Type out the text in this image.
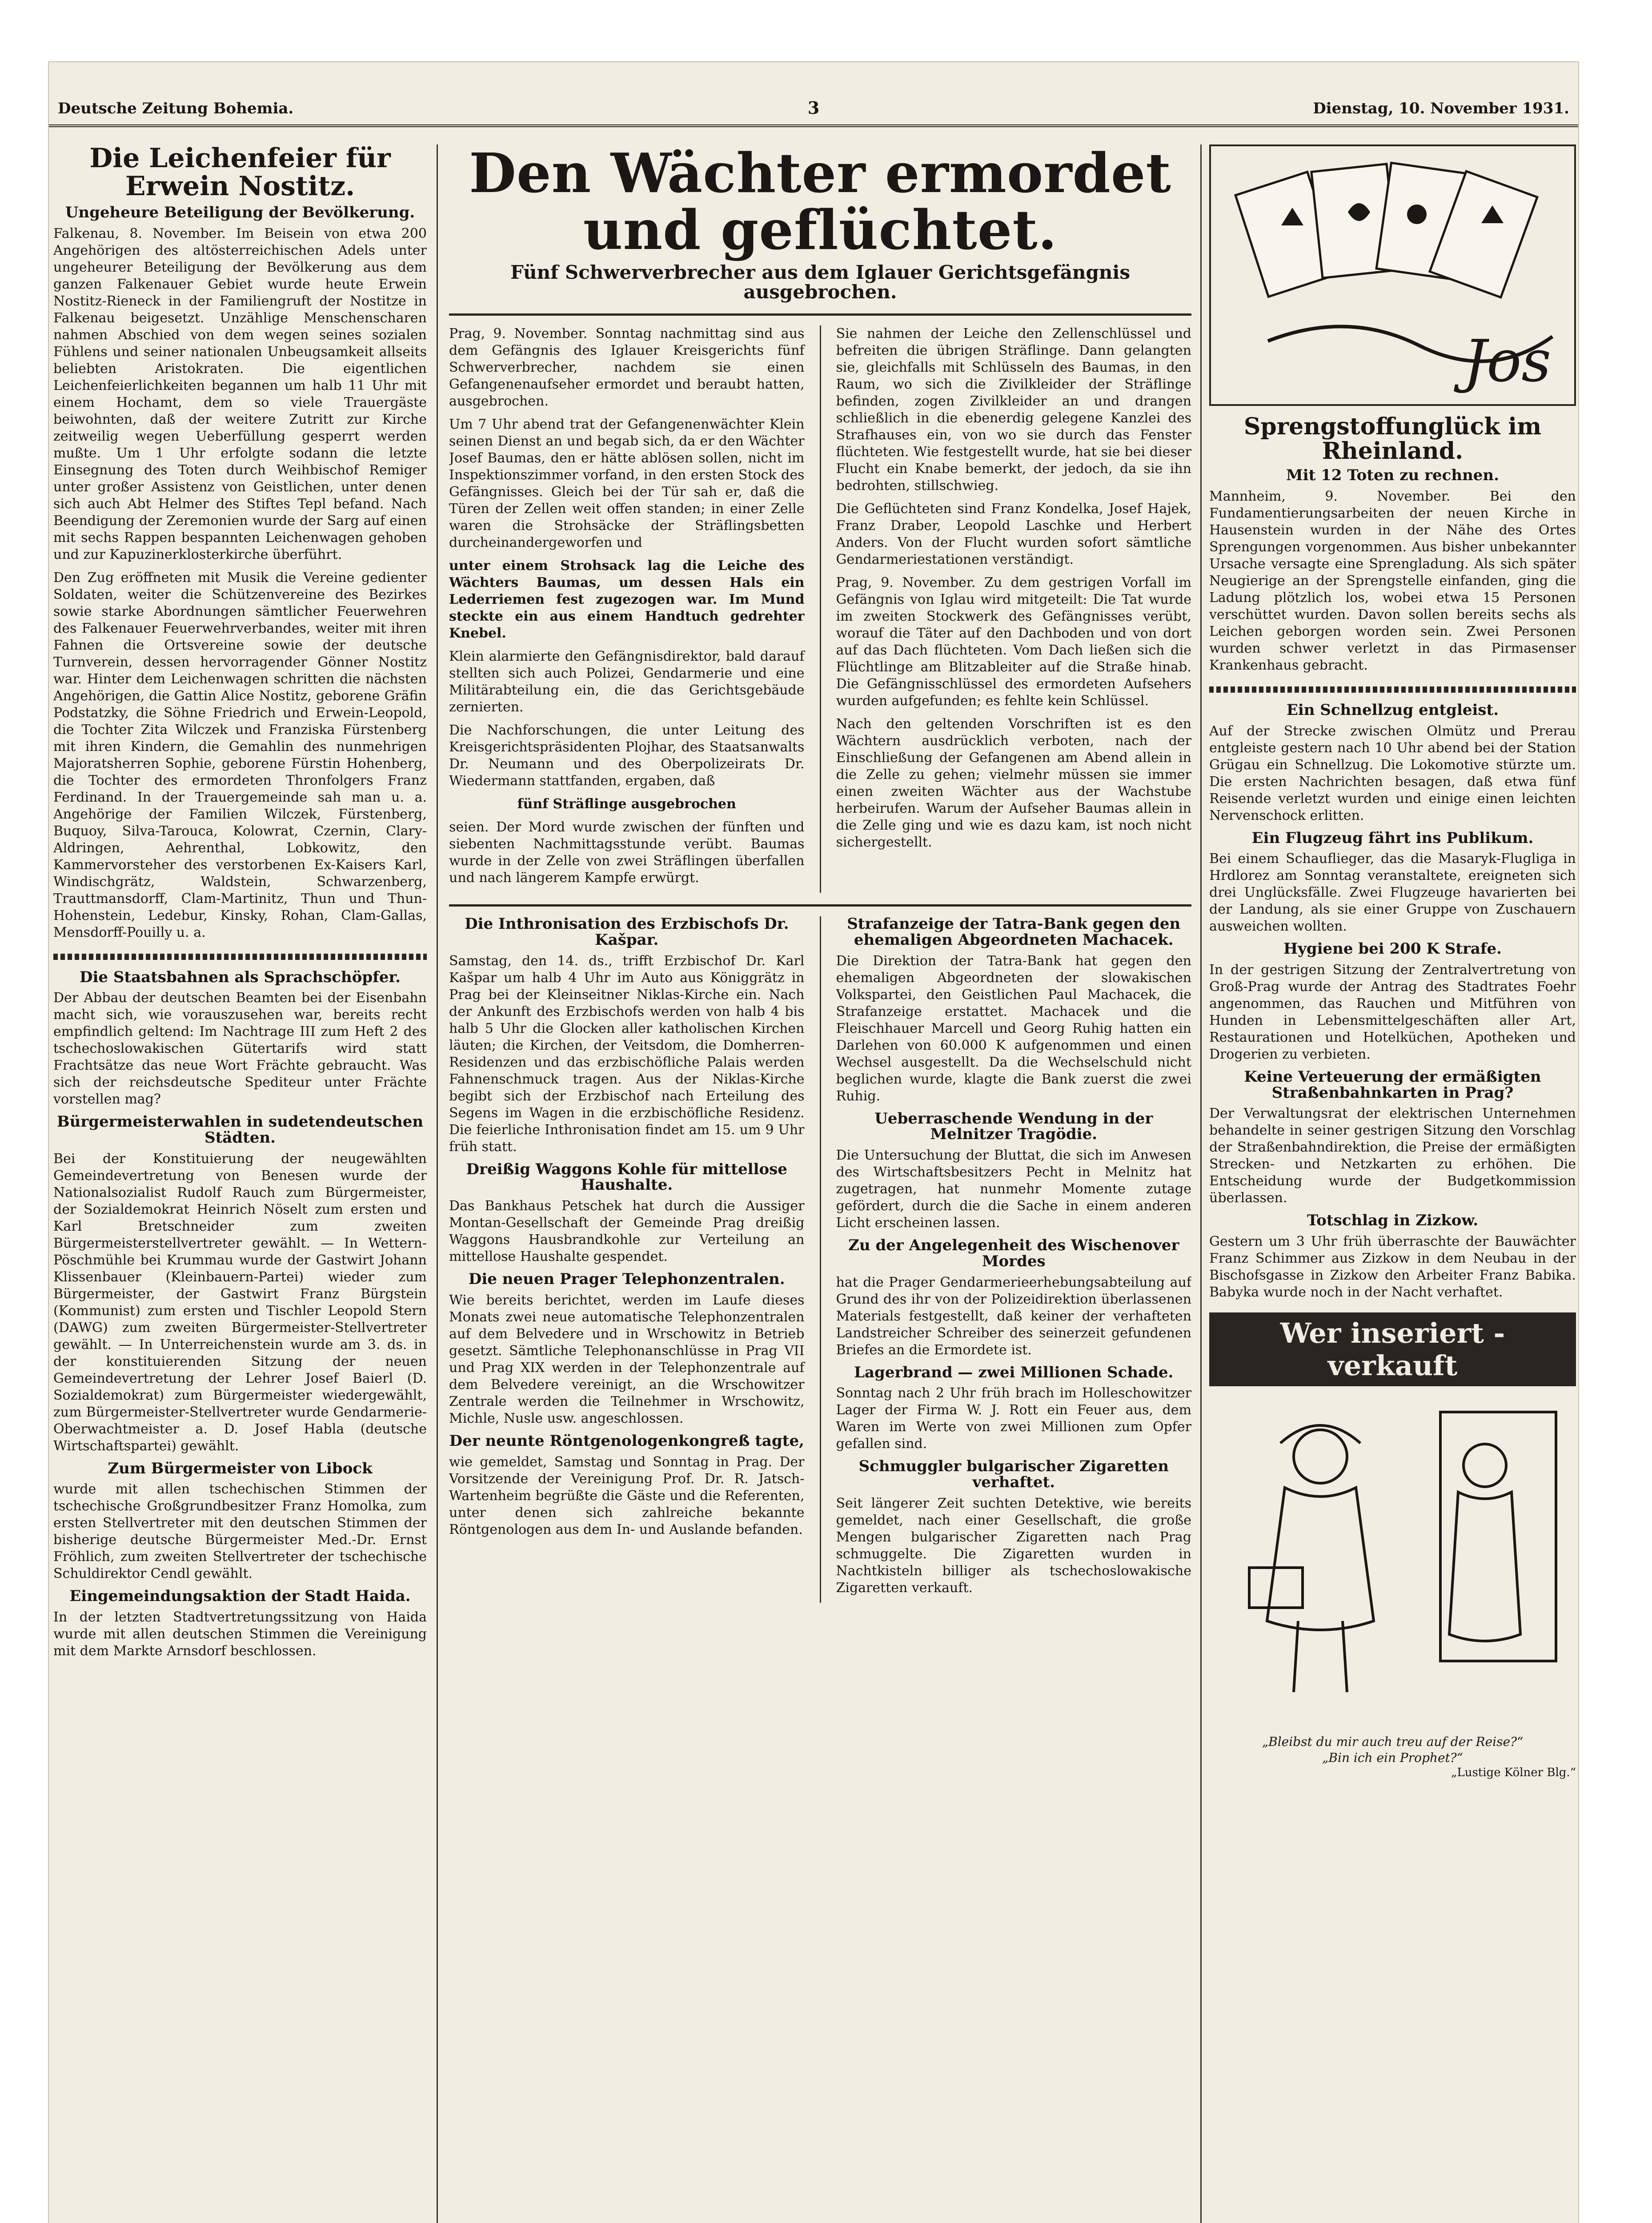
Deutsche Zeitung Bohemia.	3	Dienstag, 10. November 1931.
Die Leichenfeier für Erwein Nostitz.
Ungeheure Beteiligung der Bevölkerung.

Falkenau, 8. November. Im Beisein von etwa 200 Angehörigen des altösterreichischen Adels unter ungeheurer Beteiligung der Bevölkerung aus dem ganzen Falkenauer Gebiet wurde heute Erwein Nostitz-Rieneck in der Familiengruft der Nostitze in Falkenau beigesetzt. Unzählige Menschenscharen nahmen Abschied von dem wegen seines sozialen Fühlens und seiner nationalen Unbeugsamkeit allseits beliebten Aristokraten. Die eigentlichen Leichenfeierlichkeiten begannen um halb 11 Uhr mit einem Hochamt, dem so viele Trauergäste beiwohnten, daß der weitere Zutritt zur Kirche zeitweilig wegen Ueberfüllung gesperrt werden mußte. Um 1 Uhr erfolgte sodann die letzte Einsegnung des Toten durch Weihbischof Remiger unter großer Assistenz von Geistlichen, unter denen sich auch Abt Helmer des Stiftes Tepl befand. Nach Beendigung der Zeremonien wurde der Sarg auf einen mit sechs Rappen bespannten Leichenwagen gehoben und zur Kapuzinerklosterkirche überführt.

Den Zug eröffneten mit Musik die Vereine gedienter Soldaten, weiter die Schützenvereine des Bezirkes sowie starke Abordnungen sämtlicher Feuerwehren des Falkenauer Feuerwehrverbandes, weiter mit ihren Fahnen die Ortsvereine sowie der deutsche Turnverein, dessen hervorragender Gönner Nostitz war. Hinter dem Leichenwagen schritten die nächsten Angehörigen, die Gattin Alice Nostitz, geborene Gräfin Podstatzky, die Söhne Friedrich und Erwein-Leopold, die Tochter Zita Wilczek und Franziska Fürstenberg mit ihren Kindern, die Gemahlin des nunmehrigen Majoratsherren Sophie, geborene Fürstin Hohenberg, die Tochter des ermordeten Thronfolgers Franz Ferdinand. In der Trauergemeinde sah man u. a. Angehörige der Familien Wilczek, Fürstenberg, Buquoy, Silva-Tarouca, Kolowrat, Czernin, Clary-Aldringen, Aehrenthal, Lobkowitz, den Kammervorsteher des verstorbenen Ex-Kaisers Karl, Windischgrätz, Waldstein, Schwarzenberg, Trauttmansdorff, Clam-Martinitz, Thun und Thun-Hohenstein, Ledebur, Kinsky, Rohan, Clam-Gallas, Mensdorff-Pouilly u. a.

Die Staatsbahnen als Sprachschöpfer.

Der Abbau der deutschen Beamten bei der Eisenbahn macht sich, wie vorauszusehen war, bereits recht empfindlich geltend: Im Nachtrage III zum Heft 2 des tschechoslowakischen Gütertarifs wird statt Frachtsätze das neue Wort Frächte gebraucht. Was sich der reichsdeutsche Spediteur unter Frächte vorstellen mag?

Bürgermeisterwahlen in sudetendeutschen Städten.

Bei der Konstituierung der neugewählten Gemeindevertretung von Benesen wurde der Nationalsozialist Rudolf Rauch zum Bürgermeister, der Sozialdemokrat Heinrich Nöselt zum ersten und Karl Bretschneider zum zweiten Bürgermeisterstellvertreter gewählt. — In Wettern-Pöschmühle bei Krummau wurde der Gastwirt Johann Klissenbauer (Kleinbauern-Partei) wieder zum Bürgermeister, der Gastwirt Franz Bürgstein (Kommunist) zum ersten und Tischler Leopold Stern (DAWG) zum zweiten Bürgermeister-Stellvertreter gewählt. — In Unterreichenstein wurde am 3. ds. in der konstituierenden Sitzung der neuen Gemeindevertretung der Lehrer Josef Baierl (D. Sozialdemokrat) zum Bürgermeister wiedergewählt, zum Bürgermeister-Stellvertreter wurde Gendarmerie-Oberwachtmeister a. D. Josef Habla (deutsche Wirtschaftspartei) gewählt.

Zum Bürgermeister von Libock

wurde mit allen tschechischen Stimmen der tschechische Großgrundbesitzer Franz Homolka, zum ersten Stellvertreter mit den deutschen Stimmen der bisherige deutsche Bürgermeister Med.-Dr. Ernst Fröhlich, zum zweiten Stellvertreter der tschechische Schuldirektor Cendl gewählt.

Eingemeindungsaktion der Stadt Haida.

In der letzten Stadtvertretungssitzung von Haida wurde mit allen deutschen Stimmen die Vereinigung mit dem Markte Arnsdorf beschlossen.

Den Wächter ermordet und geflüchtet.
Fünf Schwerverbrecher aus dem Iglauer Gerichtsgefängnis ausgebrochen.

Prag, 9. November. Sonntag nachmittag sind aus dem Gefängnis des Iglauer Kreisgerichts fünf Schwerverbrecher, nachdem sie einen Gefangenenaufseher ermordet und beraubt hatten, ausgebrochen.

Um 7 Uhr abend trat der Gefangenenwächter Klein seinen Dienst an und begab sich, da er den Wächter Josef Baumas, den er hätte ablösen sollen, nicht im Inspektionszimmer vorfand, in den ersten Stock des Gefängnisses. Gleich bei der Tür sah er, daß die Türen der Zellen weit offen standen; in einer Zelle waren die Strohsäcke der Sträflingsbetten durcheinandergeworfen und

unter einem Strohsack lag die Leiche des Wächters Baumas, um dessen Hals ein Lederriemen fest zugezogen war. Im Mund steckte ein aus einem Handtuch gedrehter Knebel.

Klein alarmierte den Gefängnisdirektor, bald darauf stellten sich auch Polizei, Gendarmerie und eine Militärabteilung ein, die das Gerichtsgebäude zernierten.

Die Nachforschungen, die unter Leitung des Kreisgerichtspräsidenten Plojhar, des Staatsanwalts Dr. Neumann und des Oberpolizeirats Dr. Wiedermann stattfanden, ergaben, daß

fünf Sträflinge ausgebrochen

seien. Der Mord wurde zwischen der fünften und siebenten Nachmittagsstunde verübt. Baumas wurde in der Zelle von zwei Sträflingen überfallen und nach längerem Kampfe erwürgt.

Sie nahmen der Leiche den Zellenschlüssel und befreiten die übrigen Sträflinge. Dann gelangten sie, gleichfalls mit Schlüsseln des Baumas, in den Raum, wo sich die Zivilkleider der Sträflinge befinden, zogen Zivilkleider an und drangen schließlich in die ebenerdig gelegene Kanzlei des Strafhauses ein, von wo sie durch das Fenster flüchteten. Wie festgestellt wurde, hat sie bei dieser Flucht ein Knabe bemerkt, der jedoch, da sie ihn bedrohten, stillschwieg.

Die Geflüchteten sind Franz Kondelka, Josef Hajek, Franz Draber, Leopold Laschke und Herbert Anders. Von der Flucht wurden sofort sämtliche Gendarmeriestationen verständigt.

Prag, 9. November. Zu dem gestrigen Vorfall im Gefängnis von Iglau wird mitgeteilt: Die Tat wurde im zweiten Stockwerk des Gefängnisses verübt, worauf die Täter auf den Dachboden und von dort auf das Dach flüchteten. Vom Dach ließen sich die Flüchtlinge am Blitzableiter auf die Straße hinab. Die Gefängnisschlüssel des ermordeten Aufsehers wurden aufgefunden; es fehlte kein Schlüssel.

Nach den geltenden Vorschriften ist es den Wächtern ausdrücklich verboten, nach der Einschließung der Gefangenen am Abend allein in die Zelle zu gehen; vielmehr müssen sie immer einen zweiten Wächter aus der Wachstube herbeirufen. Warum der Aufseher Baumas allein in die Zelle ging und wie es dazu kam, ist noch nicht sichergestellt.

Die Inthronisation des Erzbischofs Dr. Kašpar.

Samstag, den 14. ds., trifft Erzbischof Dr. Karl Kašpar um halb 4 Uhr im Auto aus Königgrätz in Prag bei der Kleinseitner Niklas-Kirche ein. Nach der Ankunft des Erzbischofs werden von halb 4 bis halb 5 Uhr die Glocken aller katholischen Kirchen läuten; die Kirchen, der Veitsdom, die Domherren-Residenzen und das erzbischöfliche Palais werden Fahnenschmuck tragen. Aus der Niklas-Kirche begibt sich der Erzbischof nach Erteilung des Segens im Wagen in die erzbischöfliche Residenz. Die feierliche Inthronisation findet am 15. um 9 Uhr früh statt.

Dreißig Waggons Kohle für mittellose Haushalte.

Das Bankhaus Petschek hat durch die Aussiger Montan-Gesellschaft der Gemeinde Prag dreißig Waggons Hausbrandkohle zur Verteilung an mittellose Haushalte gespendet.

Die neuen Prager Telephonzentralen.

Wie bereits berichtet, werden im Laufe dieses Monats zwei neue automatische Telephonzentralen auf dem Belvedere und in Wrschowitz in Betrieb gesetzt. Sämtliche Telephonanschlüsse in Prag VII und Prag XIX werden in der Telephonzentrale auf dem Belvedere vereinigt, an die Wrschowitzer Zentrale werden die Teilnehmer in Wrschowitz, Michle, Nusle usw. angeschlossen.

Der neunte Röntgenologenkongreß tagte,

wie gemeldet, Samstag und Sonntag in Prag. Der Vorsitzende der Vereinigung Prof. Dr. R. Jatsch-Wartenheim begrüßte die Gäste und die Referenten, unter denen sich zahlreiche bekannte Röntgenologen aus dem In- und Auslande befanden.

Strafanzeige der Tatra-Bank gegen den ehemaligen Abgeordneten Machacek.

Die Direktion der Tatra-Bank hat gegen den ehemaligen Abgeordneten der slowakischen Volkspartei, den Geistlichen Paul Machacek, die Strafanzeige erstattet. Machacek und die Fleischhauer Marcell und Georg Ruhig hatten ein Darlehen von 60.000 K aufgenommen und einen Wechsel ausgestellt. Da die Wechselschuld nicht beglichen wurde, klagte die Bank zuerst die zwei Ruhig.

Ueberraschende Wendung in der Melnitzer Tragödie.

Die Untersuchung der Bluttat, die sich im Anwesen des Wirtschaftsbesitzers Pecht in Melnitz hat zugetragen, hat nunmehr Momente zutage gefördert, durch die die Sache in einem anderen Licht erscheinen lassen.

Zu der Angelegenheit des Wischenover Mordes

hat die Prager Gendarmerieerhebungsabteilung auf Grund des ihr von der Polizeidirektion überlassenen Materials festgestellt, daß keiner der verhafteten Landstreicher Schreiber des seinerzeit gefundenen Briefes an die Ermordete ist.

Lagerbrand — zwei Millionen Schade.

Sonntag nach 2 Uhr früh brach im Holleschowitzer Lager der Firma W. J. Rott ein Feuer aus, dem Waren im Werte von zwei Millionen zum Opfer gefallen sind.

Schmuggler bulgarischer Zigaretten verhaftet.

Seit längerer Zeit suchten Detektive, wie bereits gemeldet, nach einer Gesellschaft, die große Mengen bulgarischer Zigaretten nach Prag schmuggelte. Die Zigaretten wurden in Nachtkisteln billiger als tschechoslowakische Zigaretten verkauft.

Jos
Sprengstoffunglück im Rheinland.
Mit 12 Toten zu rechnen.

Mannheim, 9. November. Bei den Fundamentierungsarbeiten der neuen Kirche in Hausenstein wurden in der Nähe des Ortes Sprengungen vorgenommen. Aus bisher unbekannter Ursache versagte eine Sprengladung. Als sich später Neugierige an der Sprengstelle einfanden, ging die Ladung plötzlich los, wobei etwa 15 Personen verschüttet wurden. Davon sollen bereits sechs als Leichen geborgen worden sein. Zwei Personen wurden schwer verletzt in das Pirmasenser Krankenhaus gebracht.

Ein Schnellzug entgleist.

Auf der Strecke zwischen Olmütz und Prerau entgleiste gestern nach 10 Uhr abend bei der Station Grügau ein Schnellzug. Die Lokomotive stürzte um. Die ersten Nachrichten besagen, daß etwa fünf Reisende verletzt wurden und einige einen leichten Nervenschock erlitten.

Ein Flugzeug fährt ins Publikum.

Bei einem Schauflieger, das die Masaryk-Flugliga in Hrdlorez am Sonntag veranstaltete, ereigneten sich drei Unglücksfälle. Zwei Flugzeuge havarierten bei der Landung, als sie einer Gruppe von Zuschauern ausweichen wollten.

Hygiene bei 200 K Strafe.

In der gestrigen Sitzung der Zentralvertretung von Groß-Prag wurde der Antrag des Stadtrates Foehr angenommen, das Rauchen und Mitführen von Hunden in Lebensmittelgeschäften aller Art, Restaurationen und Hotelküchen, Apotheken und Drogerien zu verbieten.

Keine Verteuerung der ermäßigten Straßenbahnkarten in Prag?

Der Verwaltungsrat der elektrischen Unternehmen behandelte in seiner gestrigen Sitzung den Vorschlag der Straßenbahndirektion, die Preise der ermäßigten Strecken- und Netzkarten zu erhöhen. Die Entscheidung wurde der Budgetkommission überlassen.

Totschlag in Zizkow.

Gestern um 3 Uhr früh überraschte der Bauwächter Franz Schimmer aus Zizkow in dem Neubau in der Bischofsgasse in Zizkow den Arbeiter Franz Babika. Babyka wurde noch in der Nacht verhaftet.

Wer inseriert - verkauft
„Bleibst du mir auch treu auf der Reise?“
„Bin ich ein Prophet?“
„Lustige Kölner Blg.“
